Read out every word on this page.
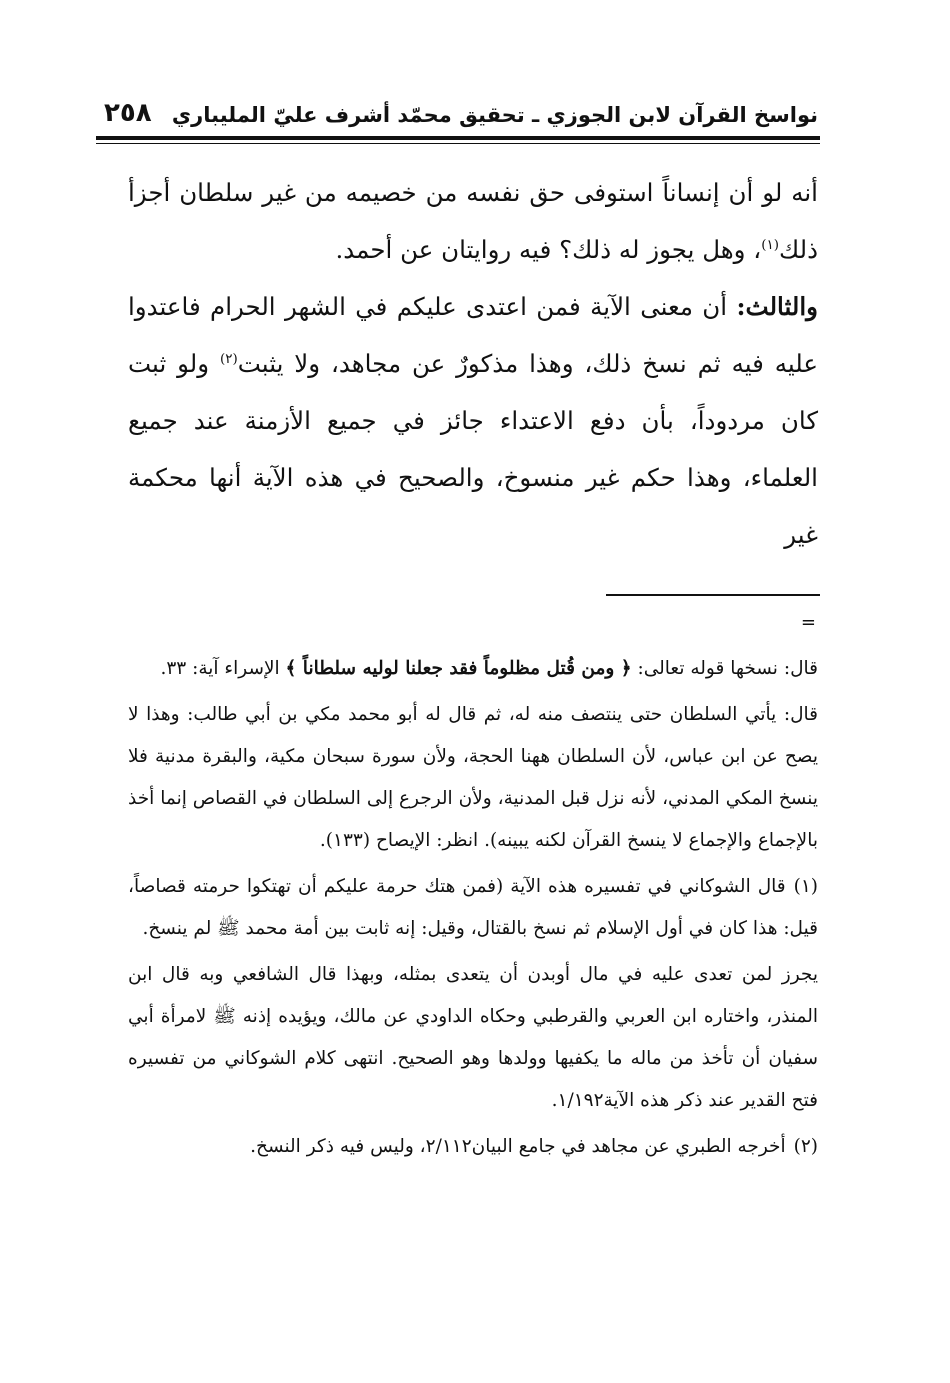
نواسخ القرآن لابن الجوزي ـ تحقيق محمّد أشرف عليّ المليباري
٢٥٨

أنه لو أن إنساناً استوفى حق نفسه من خصيمه من غير سلطان أجزأ ذلك$^{(١)}$، وهل يجوز له ذلك؟ فيه روايتان عن أحمد.

والثالث: أن معنى الآية فمن اعتدى عليكم في الشهر الحرام فاعتدوا عليه فيه ثم نسخ ذلك، وهذا مذكورٌ عن مجاهد، ولا يثبت$^{(٢)}$ ولو ثبت كان مردوداً، بأن دفع الاعتداء جائز في جميع الأزمنة عند جميع العلماء، وهذا حكم غير منسوخ، والصحيح في هذه الآية أنها محكمة غير

=

قال: نسخها قوله تعالى: ﴿ ومن قُتل مظلوماً فقد جعلنا لوليه سلطاناً ﴾ الإسراء آية: ٣٣.

قال: يأتي السلطان حتى ينتصف منه له، ثم قال له أبو محمد مكي بن أبي طالب: وهذا لا يصح عن ابن عباس، لأن السلطان ههنا الحجة، ولأن سورة سبحان مكية، والبقرة مدنية فلا ينسخ المكي المدني، لأنه نزل قبل المدنية، ولأن الرجرع إلى السلطان في القصاص إنما أخذ بالإجماع والإجماع لا ينسخ القرآن لكنه يبينه). انظر: الإيصاح (١٣٣).

(١)قال الشوكاني في تفسيره هذه الآية (فمن هتك حرمة عليكم أن تهتكوا حرمته قصاصاً، قيل: هذا كان في أول الإسلام ثم نسخ بالقتال، وقيل: إنه ثابت بين أمة محمد ﷺ لم ينسخ.

يجرز لمن تعدى عليه في مال أوبدن أن يتعدى بمثله، وبهذا قال الشافعي وبه قال ابن المنذر، واختاره ابن العربي والقرطبي وحكاه الداودي عن مالك، ويؤيده إذنه ﷺ لامرأة أبي سفيان أن تأخذ من ماله ما يكفيها وولدها وهو الصحيح. انتهى كلام الشوكاني من تفسيره فتح القدير عند ذكر هذه الآية١/١٩٢.

(٢)أخرجه الطبري عن مجاهد في جامع البيان٢/١١٢، وليس فيه ذكر النسخ.
